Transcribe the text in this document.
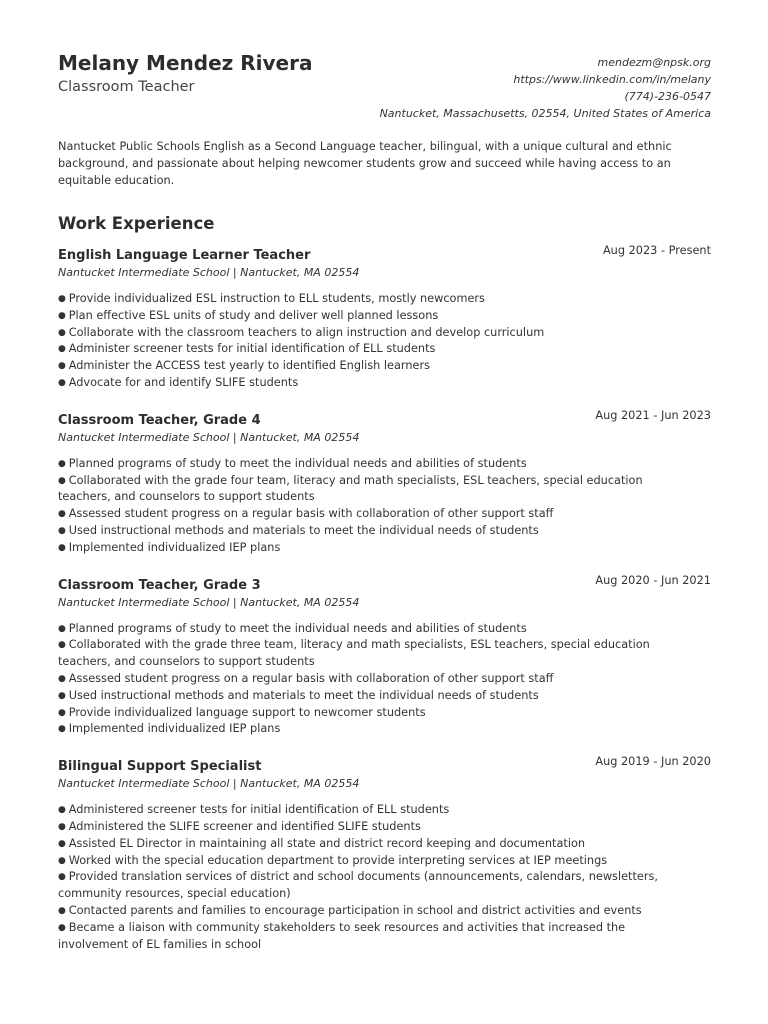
Melany Mendez Rivera
Classroom Teacher
mendezm@npsk.org
https://www.linkedin.com/in/melany
(774)-236-0547
Nantucket, Massachusetts, 02554, United States of America
Nantucket Public Schools English as a Second Language teacher, bilingual, with a unique cultural and ethnic background, and passionate about helping newcomer students grow and succeed while having access to an equitable education.
Work Experience
English Language Learner Teacher	Aug 2023 - Present
Nantucket Intermediate School | Nantucket, MA 02554
● Provide individualized ESL instruction to ELL students, mostly newcomers
● Plan effective ESL units of study and deliver well planned lessons
● Collaborate with the classroom teachers to align instruction and develop curriculum
● Administer screener tests for initial identification of ELL students
● Administer the ACCESS test yearly to identified English learners
● Advocate for and identify SLIFE students
Classroom Teacher, Grade 4	Aug 2021 - Jun 2023
Nantucket Intermediate School | Nantucket, MA 02554
● Planned programs of study to meet the individual needs and abilities of students
● Collaborated with the grade four team, literacy and math specialists, ESL teachers, special education teachers, and counselors to support students
● Assessed student progress on a regular basis with collaboration of other support staff
● Used instructional methods and materials to meet the individual needs of students
● Implemented individualized IEP plans
Classroom Teacher, Grade 3	Aug 2020 - Jun 2021
Nantucket Intermediate School | Nantucket, MA 02554
● Planned programs of study to meet the individual needs and abilities of students
● Collaborated with the grade three team, literacy and math specialists, ESL teachers, special education teachers, and counselors to support students
● Assessed student progress on a regular basis with collaboration of other support staff
● Used instructional methods and materials to meet the individual needs of students
● Provide individualized language support to newcomer students
● Implemented individualized IEP plans
Bilingual Support Specialist	Aug 2019 - Jun 2020
Nantucket Intermediate School | Nantucket, MA 02554
● Administered screener tests for initial identification of ELL students
● Administered the SLIFE screener and identified SLIFE students
● Assisted EL Director in maintaining all state and district record keeping and documentation
● Worked with the special education department to provide interpreting services at IEP meetings
● Provided translation services of district and school documents (announcements, calendars, newsletters, community resources, special education)
● Contacted parents and families to encourage participation in school and district activities and events
● Became a liaison with community stakeholders to seek resources and activities that increased the involvement of EL families in school
